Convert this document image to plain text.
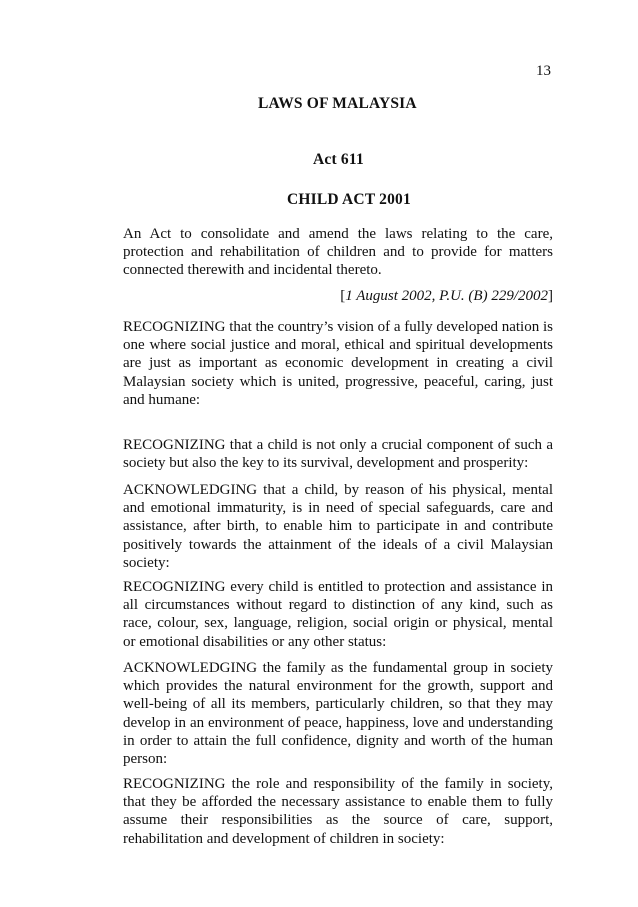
13
LAWS OF MALAYSIA
Act 611
CHILD ACT 2001
An Act to consolidate and amend the laws relating to the care, protection and rehabilitation of children and to provide for matters connected therewith and incidental thereto.
[1 August 2002, P.U. (B) 229/2002]
RECOGNIZING that the country’s vision of a fully developed nation is one where social justice and moral, ethical and spiritual developments are just as important as economic development in creating a civil Malaysian society which is united, progressive, peaceful, caring, just and humane:
RECOGNIZING that a child is not only a crucial component of such a society but also the key to its survival, development and prosperity:
ACKNOWLEDGING that a child, by reason of his physical, mental and emotional immaturity, is in need of special safeguards, care and assistance, after birth, to enable him to participate in and contribute positively towards the attainment of the ideals of a civil Malaysian society:
RECOGNIZING every child is entitled to protection and assistance in all circumstances without regard to distinction of any kind, such as race, colour, sex, language, religion, social origin or physical, mental or emotional disabilities or any other status:
ACKNOWLEDGING the family as the fundamental group in society which provides the natural environment for the growth, support and well-being of all its members, particularly children, so that they may develop in an environment of peace, happiness, love and understanding in order to attain the full confidence, dignity and worth of the human person:
RECOGNIZING the role and responsibility of the family in society, that they be afforded the necessary assistance to enable them to fully assume their responsibilities as the source of care, support, rehabilitation and development of children in society:
